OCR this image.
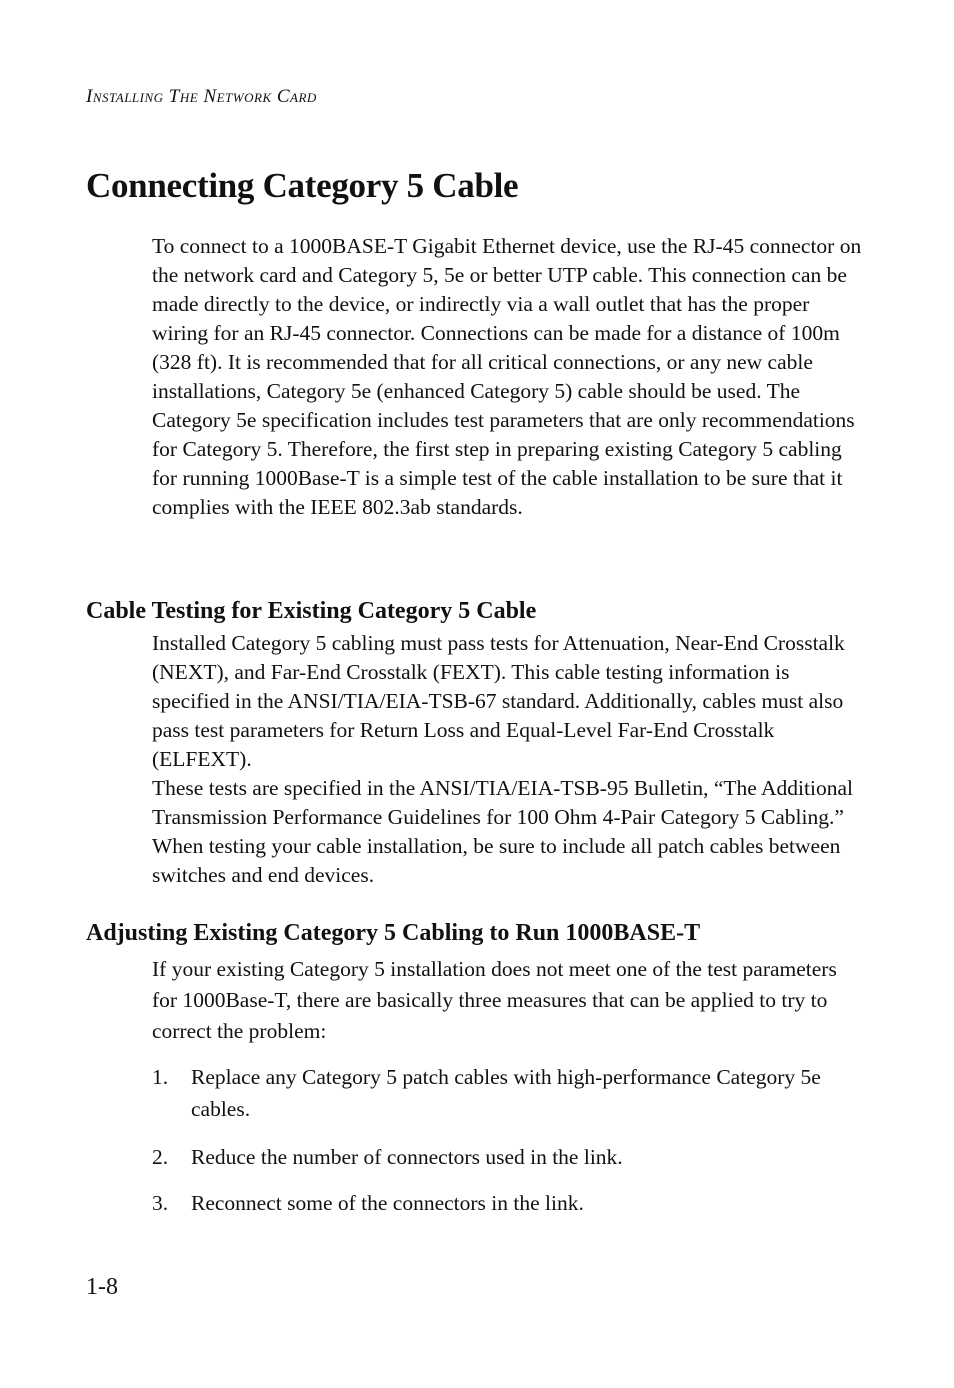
Installing The Network Card
Connecting Category 5 Cable

To connect to a 1000BASE-T Gigabit Ethernet device, use the RJ-45 connector on the network card and Category 5, 5e or better UTP cable. This connection can be made directly to the device, or indirectly via a wall outlet that has the proper wiring for an RJ-45 connector. Connections can be made for a distance of 100m (328 ft). It is recommended that for all critical connections, or any new cable installations, Category 5e (enhanced Category 5) cable should be used. The Category 5e specification includes test parameters that are only recommendations for Category 5. Therefore, the first step in preparing existing Category 5 cabling for running 1000Base-T is a simple test of the cable installation to be sure that it complies with the IEEE 802.3ab standards.

Cable Testing for Existing Category 5 Cable

Installed Category 5 cabling must pass tests for Attenuation, Near-End Crosstalk (NEXT), and Far-End Crosstalk (FEXT). This cable testing information is specified in the ANSI/TIA/EIA-TSB-67 standard. Additionally, cables must also pass test parameters for Return Loss and Equal-Level Far-End Crosstalk (ELFEXT).

These tests are specified in the ANSI/TIA/EIA-TSB-95 Bulletin, “The Additional Transmission Performance Guidelines for 100 Ohm 4-Pair Category 5 Cabling.” When testing your cable installation, be sure to include all patch cables between switches and end devices.

Adjusting Existing Category 5 Cabling to Run 1000BASE-T

If your existing Category 5 installation does not meet one of the test parameters for 1000Base-T, there are basically three measures that can be applied to try to correct the problem:

1.	Replace any Category 5 patch cables with high-performance Category 5e cables.
2.	Reduce the number of connectors used in the link.
3.	Reconnect some of the connectors in the link.
1-8
